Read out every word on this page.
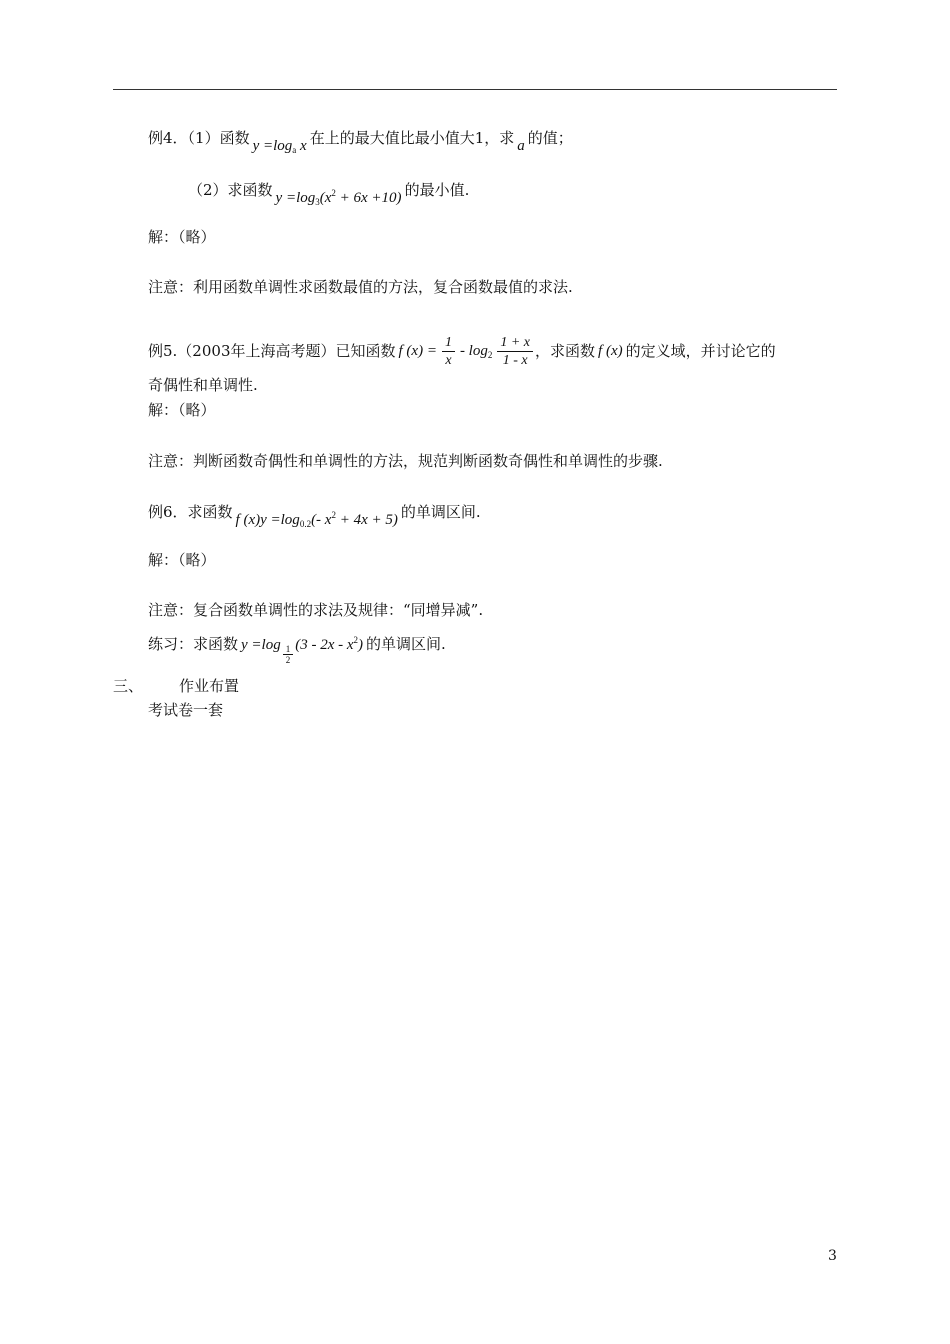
例4．（1）函数 $y =\log_a$ x 在上的最大值比最小值大1，求 a 的值；
（2）求函数 $y =\log_3(x^2 + 6x +10)$ 的最小值.
解：（略）
注意：利用函数单调性求函数最值的方法，复合函数最值的求法.
例5.（2003年上海高考题）已知函数 f $(x) = \frac{1}{x} - \log_2 \frac{1 + x}{1 - x}$ ，求函数 f (x) 的定义域，并讨论它的
奇偶性和单调性.
解：（略）
注意：判断函数奇偶性和单调性的方法，规范判断函数奇偶性和单调性的步骤.
例6．求函数 f $(x)y =\log_{0.2}(-$ $x^2 + 4x + 5$) 的单调区间.
解：（略）
注意：复合函数单调性的求法及规律：“同增异减”.
练习：求函数 $y =\log \frac{1}{2} (3 - 2x - x^2)$ 的单调区间.
三、 作业布置
考试卷一套
3
